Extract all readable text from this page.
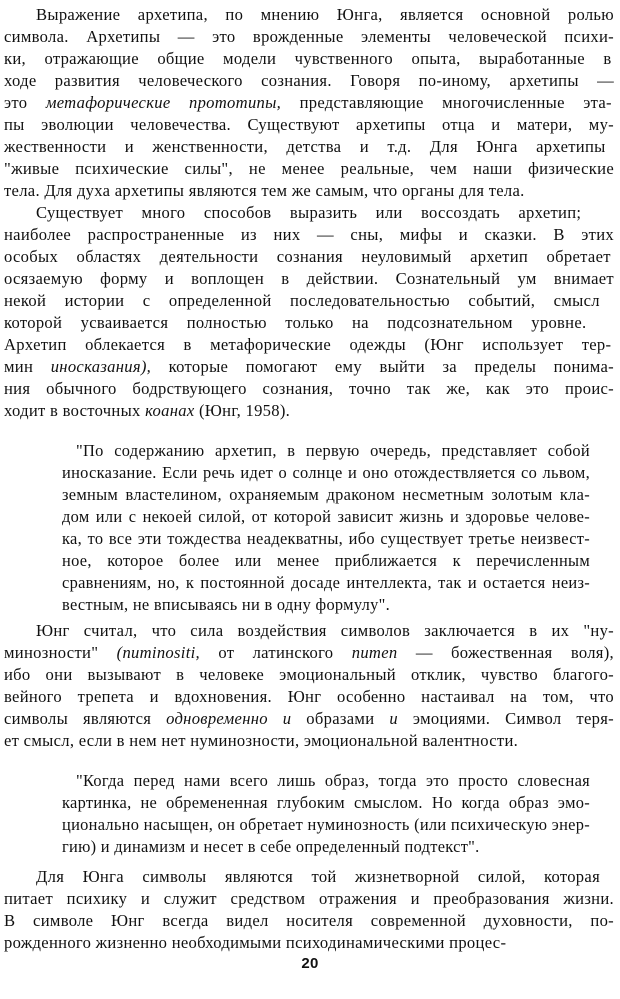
Выражение архетипа, по мнению Юнга, является основной ролью
символа. Архетипы — это врожденные элементы человеческой психи-
ки, отражающие общие модели чувственного опыта, выработанные в
ходе развития человеческого сознания. Говоря по-иному, архетипы —
это метафорические прототипы, представляющие многочисленные эта-
пы эволюции человечества. Существуют архетипы отца и матери, му-
жественности и женственности, детства и т.д. Для Юнга архетипы
"живые психические силы", не менее реальные, чем наши физические
тела. Для духа архетипы являются тем же самым, что органы для тела.
Существует много способов выразить или воссоздать архетип;
наиболее распространенные из них — сны, мифы и сказки. В этих
особых областях деятельности сознания неуловимый архетип обретает
осязаемую форму и воплощен в действии. Сознательный ум внимает
некой истории с определенной последовательностью событий, смысл
которой усваивается полностью только на подсознательном уровне.
Архетип облекается в метафорические одежды (Юнг использует тер-
мин иносказания), которые помогают ему выйти за пределы понима-
ния обычного бодрствующего сознания, точно так же, как это проис-
ходит в восточных коанах (Юнг, 1958).
"По содержанию архетип, в первую очередь, представляет собой
иносказание. Если речь идет о солнце и оно отождествляется со львом,
земным властелином, охраняемым драконом несметным золотым кла-
дом или с некоей силой, от которой зависит жизнь и здоровье челове-
ка, то все эти тождества неадекватны, ибо существует третье неизвест-
ное, которое более или менее приближается к перечисленным
сравнениям, но, к постоянной досаде интеллекта, так и остается неиз-
вестным, не вписываясь ни в одну формулу".
Юнг считал, что сила воздействия символов заключается в их "ну-
минозности" (numinositi, от латинского питеп — божественная воля),
ибо они вызывают в человеке эмоциональный отклик, чувство благого-
вейного трепета и вдохновения. Юнг особенно настаивал на том, что
символы являются одновременно и образами и эмоциями. Символ теря-
ет смысл, если в нем нет нуминозности, эмоциональной валентности.
"Когда перед нами всего лишь образ, тогда это просто словесная
картинка, не обремененная глубоким смыслом. Но когда образ эмо-
ционально насыщен, он обретает нуминозность (или психическую энер-
гию) и динамизм и несет в себе определенный подтекст".
Для Юнга символы являются той жизнетворной силой, которая
питает психику и служит средством отражения и преобразования жизни.
В символе Юнг всегда видел носителя современной духовности, по-
рожденного жизненно необходимыми психодинамическими процес-
20
